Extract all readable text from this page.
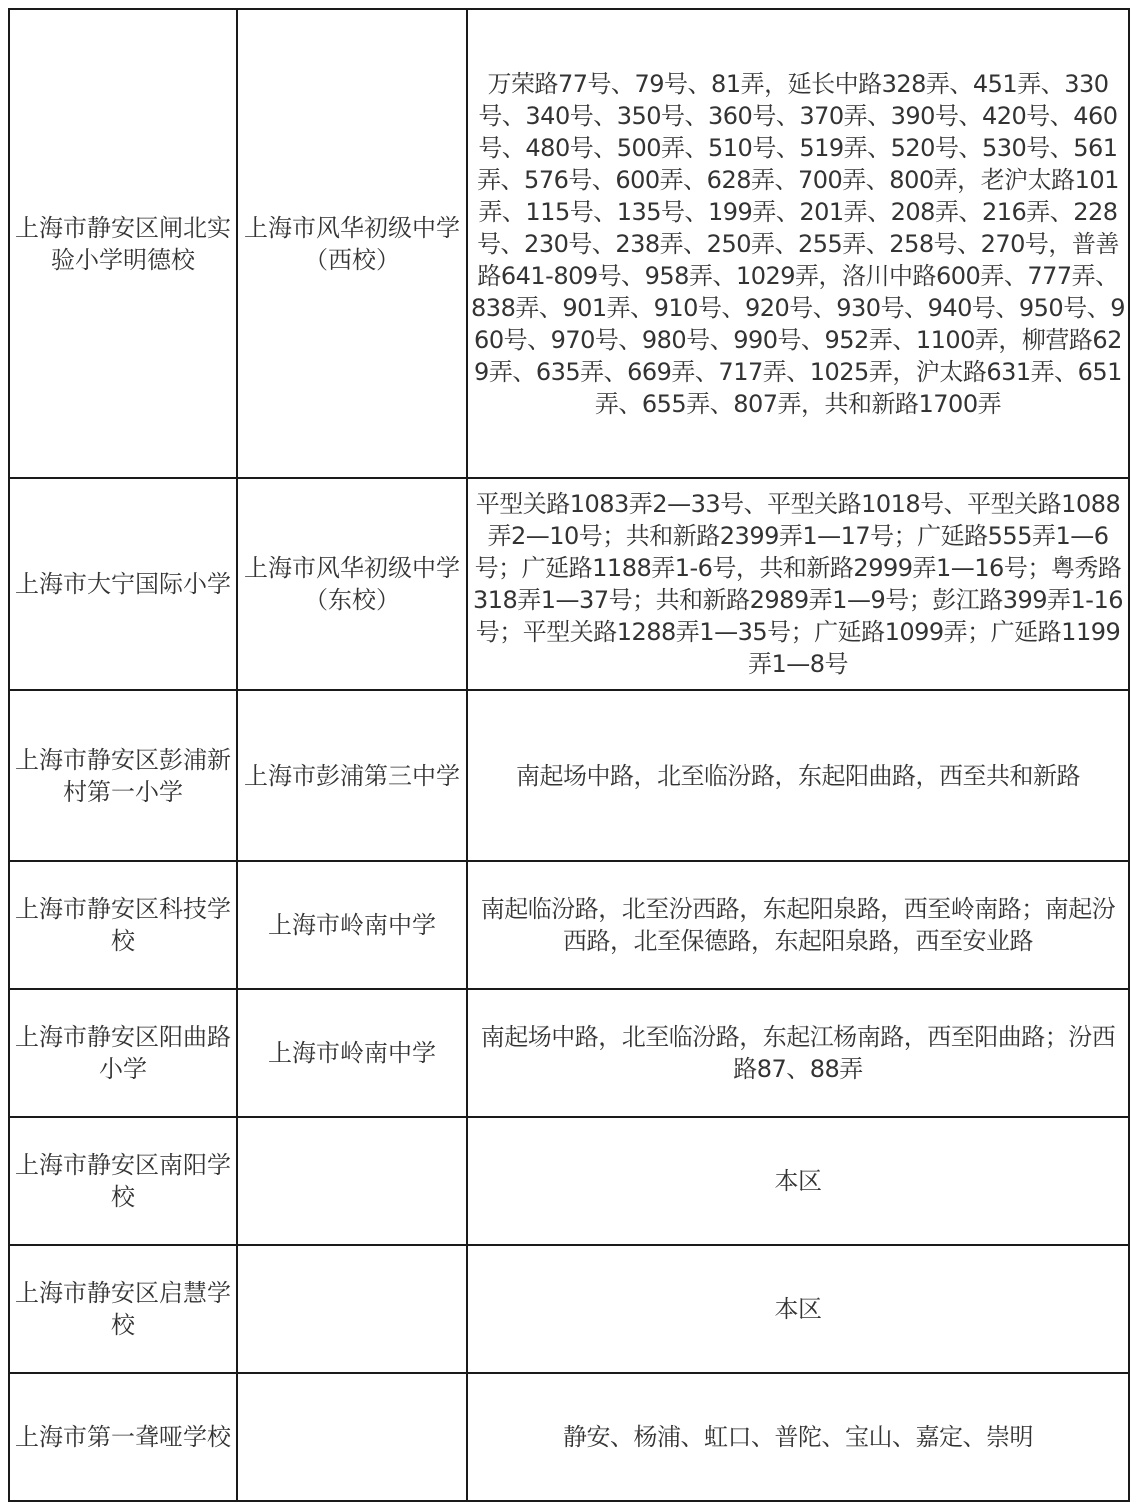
上海市静安区闸北实验小学明德校	上海市风华初级中学（西校）	万荣路77号、79号、81弄，延长中路328弄、451弄、330号、340号、350号、360号、370弄、390号、420号、460号、480号、500弄、510号、519弄、520号、530号、561弄、576号、600弄、628弄、700弄、800弄，老沪太路101弄、115号、135号、199弄、201弄、208弄、216弄、228号、230号、238弄、250弄、255弄、258号、270号，普善路641-809号、958弄、1029弄，洛川中路600弄、777弄、838弄、901弄、910号、920号、930号、940号、950号、960号、970号、980号、990号、952弄、1100弄，柳营路629弄、635弄、669弄、717弄、1025弄，沪太路631弄、651弄、655弄、807弄，共和新路1700弄
上海市大宁国际小学	上海市风华初级中学（东校）	平型关路1083弄2—33号、平型关路1018号、平型关路1088弄2—10号；共和新路2399弄1—17号；广延路555弄1—6号；广延路1188弄1-6号，共和新路2999弄1—16号；粤秀路318弄1—37号；共和新路2989弄1—9号；彭江路399弄1-16号；平型关路1288弄1—35号；广延路1099弄；广延路1199弄1—8号
上海市静安区彭浦新村第一小学	上海市彭浦第三中学	南起场中路，北至临汾路，东起阳曲路，西至共和新路
上海市静安区科技学校	上海市岭南中学	南起临汾路，北至汾西路，东起阳泉路，西至岭南路；南起汾西路，北至保德路，东起阳泉路，西至安业路
上海市静安区阳曲路小学	上海市岭南中学	南起场中路，北至临汾路，东起江杨南路，西至阳曲路；汾西路87、88弄
上海市静安区南阳学校		本区
上海市静安区启慧学校		本区
上海市第一聋哑学校		静安、杨浦、虹口、普陀、宝山、嘉定、崇明
